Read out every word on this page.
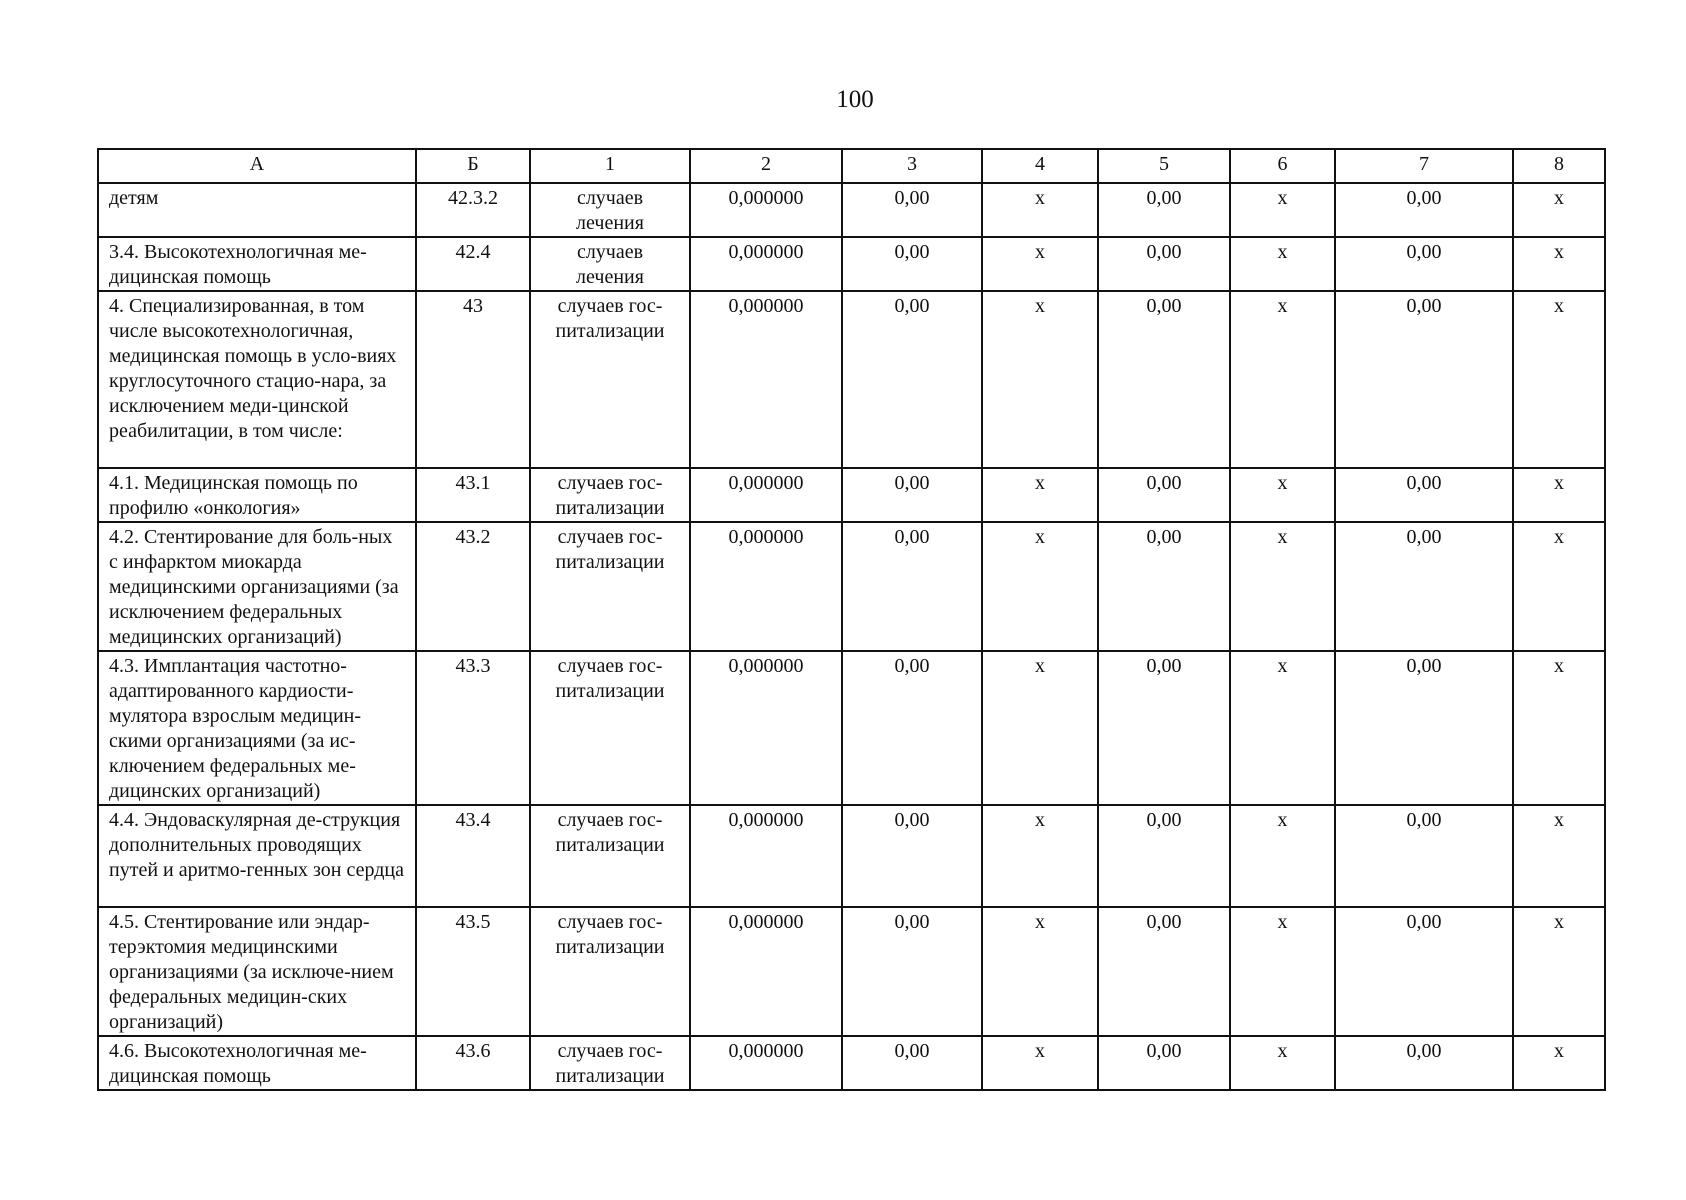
100
А	Б	1	2	3	4	5	6	7	8
детям	42.3.2	случаев лечения	0,000000	0,00	х	0,00	х	0,00	х
3.4. Высокотехнологичная ме-дицинская помощь	42.4	случаев лечения	0,000000	0,00	х	0,00	х	0,00	х
4. Специализированная, в том числе высокотехнологичная, медицинская помощь в усло-виях круглосуточного стацио-нара, за исключением меди-цинской реабилитации, в том числе:	43	случаев гос-питализации	0,000000	0,00	х	0,00	х	0,00	х
4.1. Медицинская помощь по профилю «онкология»	43.1	случаев гос-питализации	0,000000	0,00	х	0,00	х	0,00	х
4.2. Стентирование для боль-ных с инфарктом миокарда медицинскими организациями (за исключением федеральных медицинских организаций)	43.2	случаев гос-питализации	0,000000	0,00	х	0,00	х	0,00	х
4.3. Имплантация частотно-адаптированного кардиости-мулятора взрослым медицин-скими организациями (за ис-ключением федеральных ме-дицинских организаций)	43.3	случаев гос-питализации	0,000000	0,00	х	0,00	х	0,00	х
4.4. Эндоваскулярная де-струкция дополнительных проводящих путей и аритмо-генных зон сердца	43.4	случаев гос-питализации	0,000000	0,00	х	0,00	х	0,00	х
4.5. Стентирование или эндар-терэктомия медицинскими организациями (за исключе-нием федеральных медицин-ских организаций)	43.5	случаев гос-питализации	0,000000	0,00	х	0,00	х	0,00	х
4.6. Высокотехнологичная ме-дицинская помощь	43.6	случаев гос-питализации	0,000000	0,00	х	0,00	х	0,00	х
